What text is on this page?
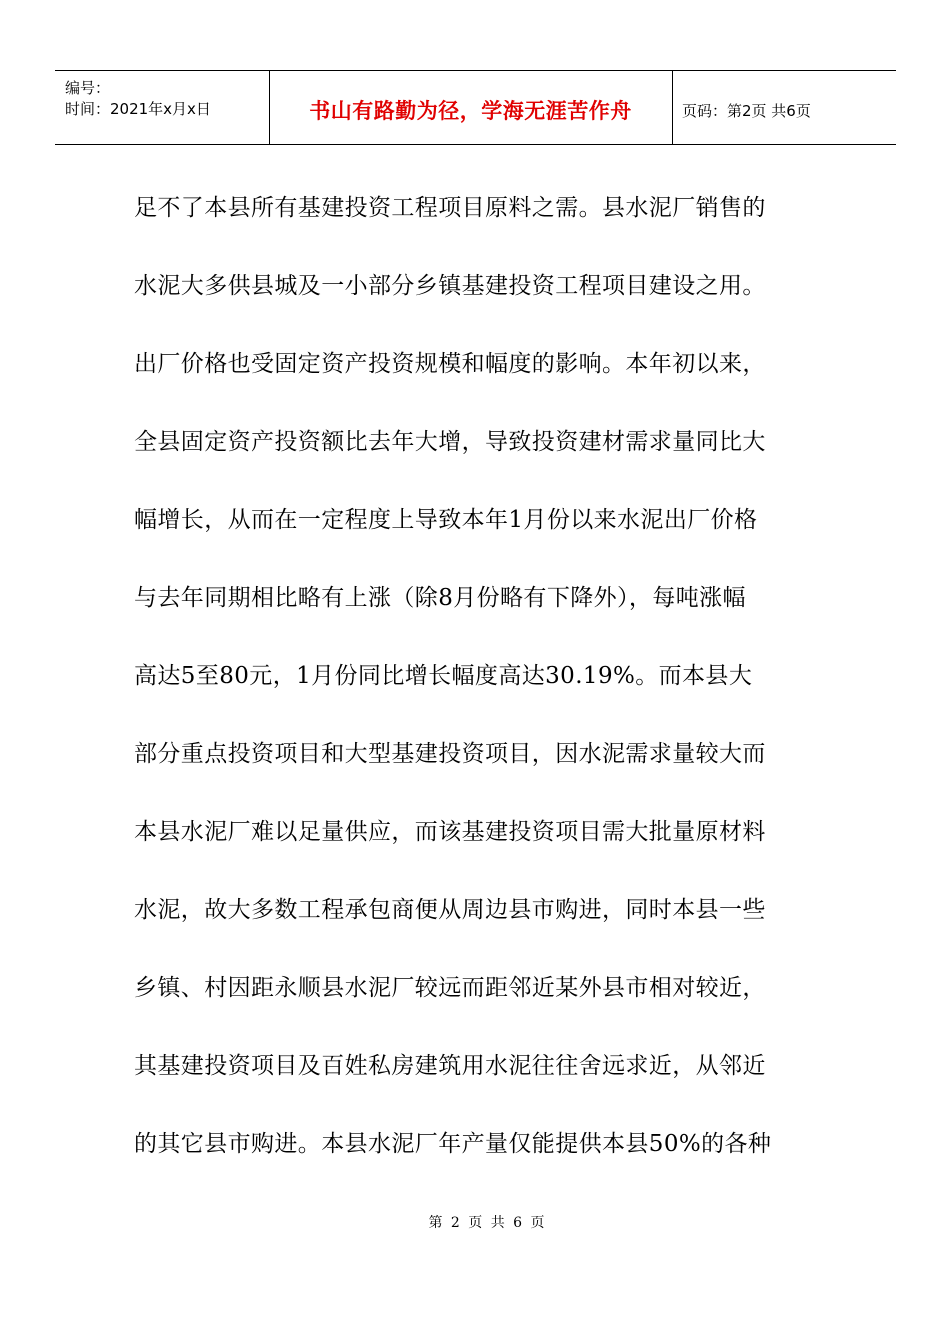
编号：
时间：2021年x月x日	书山有路勤为径，学海无涯苦作舟	页码：第2页 共6页
足不了本县所有基建投资工程项目原料之需。县水泥厂销售的
水泥大多供县城及一小部分乡镇基建投资工程项目建设之用。
出厂价格也受固定资产投资规模和幅度的影响。本年初以来，
全县固定资产投资额比去年大增，导致投资建材需求量同比大
幅增长，从而在一定程度上导致本年1月份以来水泥出厂价格
与去年同期相比略有上涨（除8月份略有下降外），每吨涨幅
高达5至80元，1月份同比增长幅度高达30.19%。而本县大
部分重点投资项目和大型基建投资项目，因水泥需求量较大而
本县水泥厂难以足量供应，而该基建投资项目需大批量原材料
水泥，故大多数工程承包商便从周边县市购进，同时本县一些
乡镇、村因距永顺县水泥厂较远而距邻近某外县市相对较近，
其基建投资项目及百姓私房建筑用水泥往往舍远求近，从邻近
的其它县市购进。本县水泥厂年产量仅能提供本县50%的各种
第 2 页 共 6 页
